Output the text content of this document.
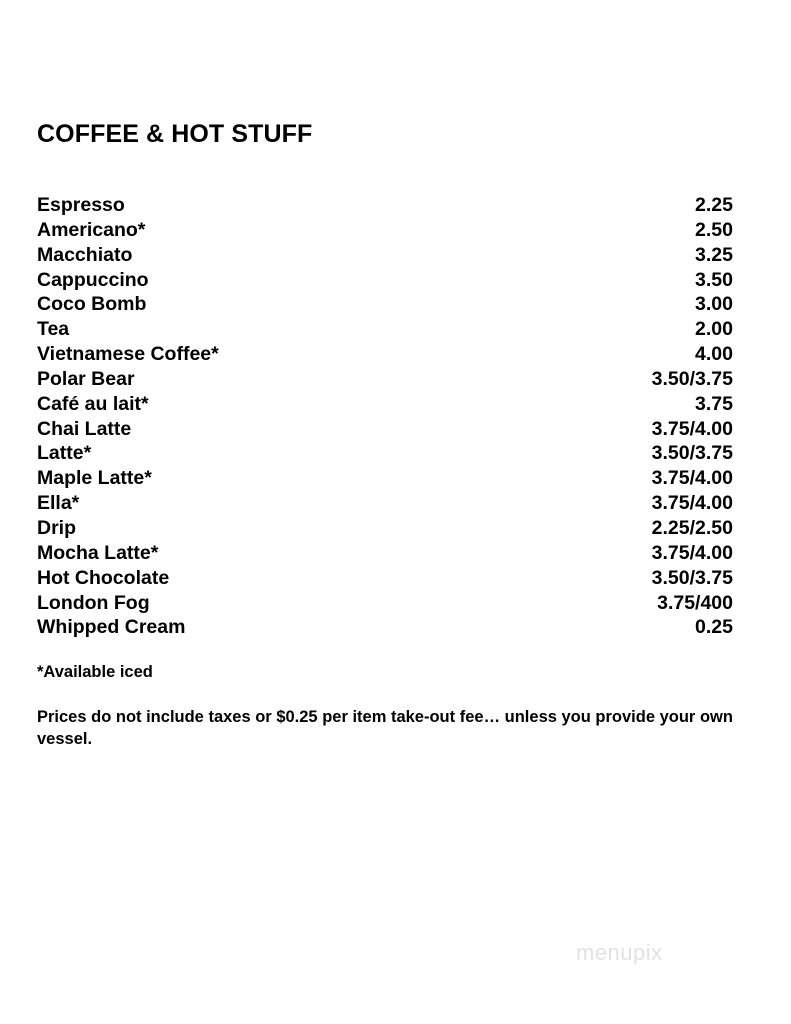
COFFEE & HOT STUFF
Espresso	2.25
Americano*	2.50
Macchiato	3.25
Cappuccino	3.50
Coco Bomb	3.00
Tea	2.00
Vietnamese Coffee*	4.00
Polar Bear	3.50/3.75
Café au lait*	3.75
Chai Latte	3.75/4.00
Latte*	3.50/3.75
Maple Latte*	3.75/4.00
Ella*	3.75/4.00
Drip	2.25/2.50
Mocha Latte*	3.75/4.00
Hot Chocolate	3.50/3.75
London Fog	3.75/400
Whipped Cream	0.25

*Available iced

Prices do not include taxes or $0.25 per item take-out fee… unless you provide your own vessel.

menupix
